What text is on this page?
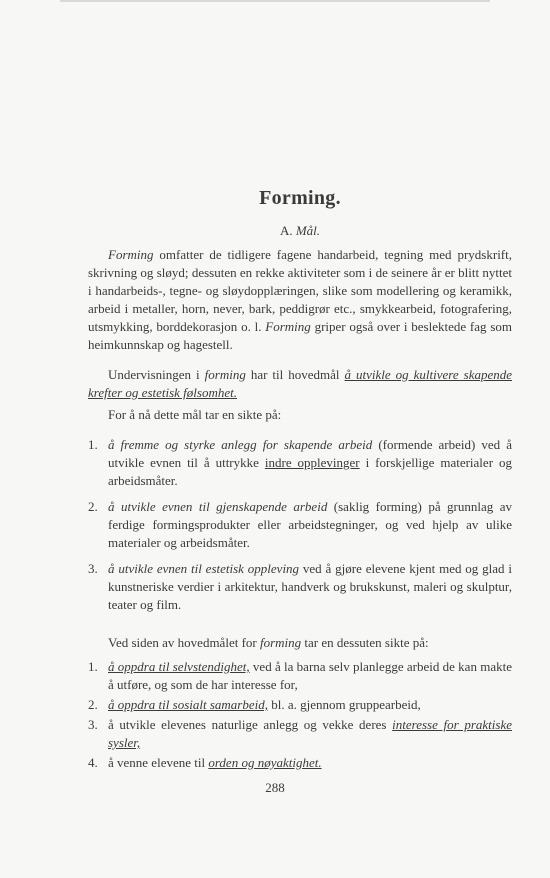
Forming.
A. Mål.

Forming omfatter de tidligere fagene handarbeid, tegning med prydskrift, skrivning og sløyd; dessuten en rekke aktiviteter som i de seinere år er blitt nyttet i handarbeids-, tegne- og sløydopplæringen, slike som modellering og keramikk, arbeid i metaller, horn, never, bark, peddigrør etc., smykkearbeid, fotografering, utsmykking, borddekorasjon o. l. Forming griper også over i beslektede fag som heimkunnskap og hagestell.

Undervisningen i forming har til hovedmål å utvikle og kultivere skapende krefter og estetisk følsomhet.

For å nå dette mål tar en sikte på:

1. å fremme og styrke anlegg for skapende arbeid (formende arbeid) ved å utvikle evnen til å uttrykke indre opplevinger i forskjellige materialer og arbeidsmåter.
2. å utvikle evnen til gjenskapende arbeid (saklig forming) på grunnlag av ferdige formingsprodukter eller arbeidstegninger, og ved hjelp av ulike materialer og arbeidsmåter.
3. å utvikle evnen til estetisk oppleving ved å gjøre elevene kjent med og glad i kunstneriske verdier i arkitektur, handverk og brukskunst, maleri og skulptur, teater og film.

Ved siden av hovedmålet for forming tar en dessuten sikte på:

1. å oppdra til selvstendighet, ved å la barna selv planlegge arbeid de kan makte å utføre, og som de har interesse for,
2. å oppdra til sosialt samarbeid, bl. a. gjennom gruppearbeid,
3. å utvikle elevenes naturlige anlegg og vekke deres interesse for praktiske sysler,
4. å venne elevene til orden og nøyaktighet.
288
